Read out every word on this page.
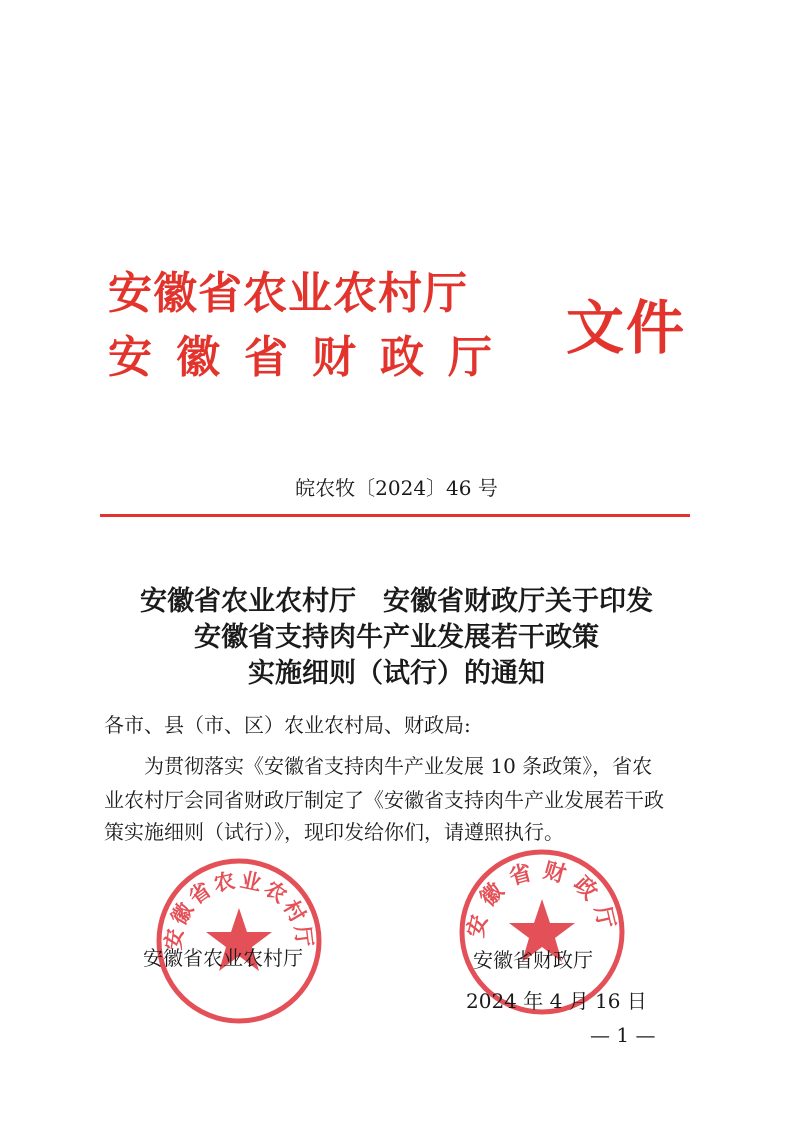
安徽省农业农村厅
安徽省财政厅 文件
皖农牧〔2024〕46 号
安徽省农业农村厅　安徽省财政厅关于印发
安徽省支持肉牛产业发展若干政策
实施细则（试行）的通知
各市、县（市、区）农业农村局、财政局:
为贯彻落实《安徽省支持肉牛产业发展 10 条政策》，省农
业农村厅会同省财政厅制定了《安徽省支持肉牛产业发展若干政
策实施细则（试行）》，现印发给你们，请遵照执行。
安徽省农业农村厅	安徽省财政厅
安徽省农业农村厅	安徽省财政厅
2024 年 4 月 16 日
— 1 —
